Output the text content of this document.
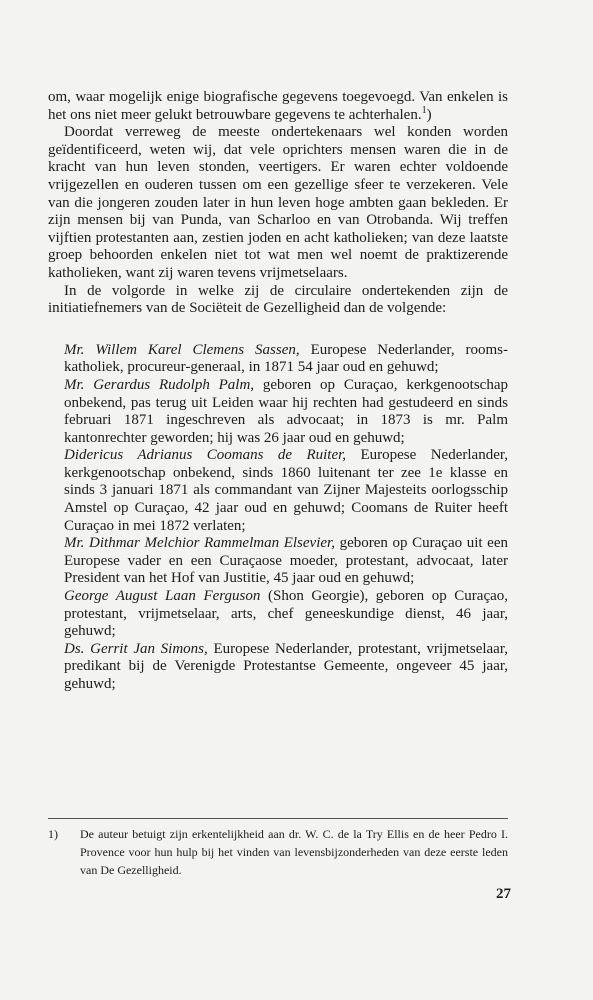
om, waar mogelijk enige biografische gegevens toegevoegd. Van enkelen is het ons niet meer gelukt betrouwbare gegevens te achterhalen.$^1$)

Doordat verreweg de meeste ondertekenaars wel konden worden geïdentificeerd, weten wij, dat vele oprichters mensen waren die in de kracht van hun leven stonden, veertigers. Er waren echter voldoende vrijgezellen en ouderen tussen om een gezellige sfeer te verzekeren. Vele van die jongeren zouden later in hun leven hoge ambten gaan bekleden. Er zijn mensen bij van Punda, van Scharloo en van Otrobanda. Wij treffen vijftien protestanten aan, zestien joden en acht katholieken; van deze laatste groep behoorden enkelen niet tot wat men wel noemt de praktizerende katholieken, want zij waren tevens vrijmetselaars.

In de volgorde in welke zij de circulaire ondertekenden zijn de initiatiefnemers van de Sociëteit de Gezelligheid dan de volgende:

Mr. Willem Karel Clemens Sassen, Europese Nederlander, rooms-katholiek, procureur-generaal, in 1871 54 jaar oud en gehuwd;

Mr. Gerardus Rudolph Palm, geboren op Curaçao, kerkgenootschap onbekend, pas terug uit Leiden waar hij rechten had gestudeerd en sinds februari 1871 ingeschreven als advocaat; in 1873 is mr. Palm kantonrechter geworden; hij was 26 jaar oud en gehuwd;

Didericus Adrianus Coomans de Ruiter, Europese Nederlander, kerkgenootschap onbekend, sinds 1860 luitenant ter zee 1e klasse en sinds 3 januari 1871 als commandant van Zijner Majesteits oorlogsschip Amstel op Curaçao, 42 jaar oud en gehuwd; Coomans de Ruiter heeft Curaçao in mei 1872 verlaten;

Mr. Dithmar Melchior Rammelman Elsevier, geboren op Curaçao uit een Europese vader en een Curaçaose moeder, protestant, advocaat, later President van het Hof van Justitie, 45 jaar oud en gehuwd;

George August Laan Ferguson (Shon Georgie), geboren op Curaçao, protestant, vrijmetselaar, arts, chef geneeskundige dienst, 46 jaar, gehuwd;

Ds. Gerrit Jan Simons, Europese Nederlander, protestant, vrijmetselaar, predikant bij de Verenigde Protestantse Gemeente, ongeveer 45 jaar, gehuwd;

1) De auteur betuigt zijn erkentelijkheid aan dr. W. C. de la Try Ellis en de heer Pedro I. Provence voor hun hulp bij het vinden van levensbijzonderheden van deze eerste leden van De Gezelligheid.
27
